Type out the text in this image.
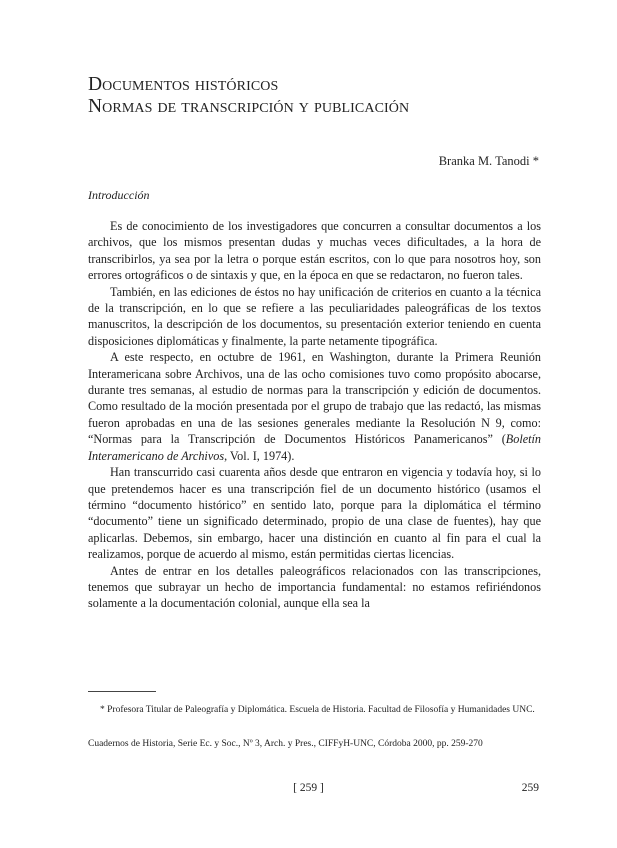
Documentos históricos
Normas de transcripción y publicación
Branka M. Tanodi *
Introducción

Es de conocimiento de los investigadores que concurren a consultar documentos a los archivos, que los mismos presentan dudas y muchas veces dificultades, a la hora de transcribirlos, ya sea por la letra o porque están escritos, con lo que para nosotros hoy, son errores ortográficos o de sintaxis y que, en la época en que se redactaron, no fueron tales.

También, en las ediciones de éstos no hay unificación de criterios en cuanto a la técnica de la transcripción, en lo que se refiere a las peculiaridades paleográficas de los textos manuscritos, la descripción de los documentos, su presentación exterior teniendo en cuenta disposiciones diplomáticas y finalmente, la parte netamente tipográfica.

A este respecto, en octubre de 1961, en Washington, durante la Primera Reunión Interamericana sobre Archivos, una de las ocho comisiones tuvo como propósito abocarse, durante tres semanas, al estudio de normas para la transcripción y edición de documentos. Como resultado de la moción presentada por el grupo de trabajo que las redactó, las mismas fueron aprobadas en una de las sesiones generales mediante la Resolución N 9, como: “Normas para la Transcripción de Documentos Históricos Panamericanos” (Boletín Interamericano de Archivos, Vol. I, 1974).

Han transcurrido casi cuarenta años desde que entraron en vigencia y todavía hoy, si lo que pretendemos hacer es una transcripción fiel de un documento histórico (usamos el término “documento histórico” en sentido lato, porque para la diplomática el término “documento” tiene un significado determinado, propio de una clase de fuentes), hay que aplicarlas. Debemos, sin embargo, hacer una distinción en cuanto al fin para el cual la realizamos, porque de acuerdo al mismo, están permitidas ciertas licencias.

Antes de entrar en los detalles paleográficos relacionados con las transcripciones, tenemos que subrayar un hecho de importancia fundamental: no estamos refiriéndonos solamente a la documentación colonial, aunque ella sea la

* Profesora Titular de Paleografía y Diplomática. Escuela de Historia. Facultad de Filosofía y Humanidades UNC.
Cuadernos de Historia, Serie Ec. y Soc., Nº 3, Arch. y Pres., CIFFyH-UNC, Córdoba 2000, pp. 259-270
[ 259 ]	259
